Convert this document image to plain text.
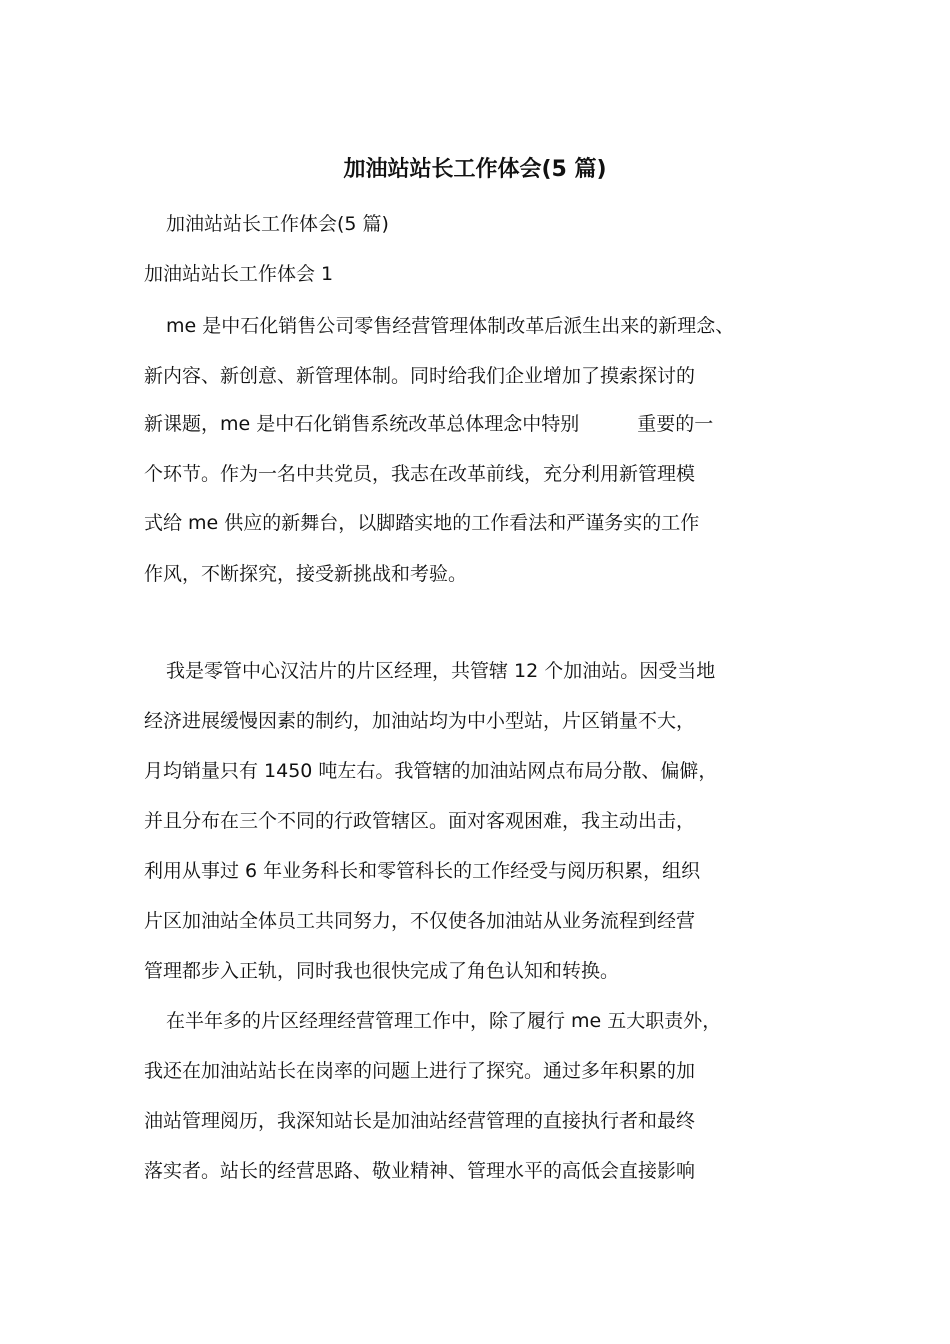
加油站站长工作体会(5 篇)

加油站站长工作体会(5 篇)

加油站站长工作体会 1

me 是中石化销售公司零售经营管理体制改革后派生出来的新理念、

新内容、新创意、新管理体制。同时给我们企业增加了摸索探讨的

新课题，me 是中石化销售系统改革总体理念中特别	重要的一

个环节。作为一名中共党员，我志在改革前线，充分利用新管理模

式给 me 供应的新舞台，以脚踏实地的工作看法和严谨务实的工作

作风，不断探究，接受新挑战和考验。

我是零管中心汉沽片的片区经理，共管辖 12 个加油站。因受当地

经济进展缓慢因素的制约，加油站均为中小型站，片区销量不大，

月均销量只有 1450 吨左右。我管辖的加油站网点布局分散、偏僻，

并且分布在三个不同的行政管辖区。面对客观困难，我主动出击，

利用从事过 6 年业务科长和零管科长的工作经受与阅历积累，组织

片区加油站全体员工共同努力，不仅使各加油站从业务流程到经营

管理都步入正轨，同时我也很快完成了角色认知和转换。

在半年多的片区经理经营管理工作中，除了履行 me 五大职责外，

我还在加油站站长在岗率的问题上进行了探究。通过多年积累的加

油站管理阅历，我深知站长是加油站经营管理的直接执行者和最终

落实者。站长的经营思路、敬业精神、管理水平的高低会直接影响
